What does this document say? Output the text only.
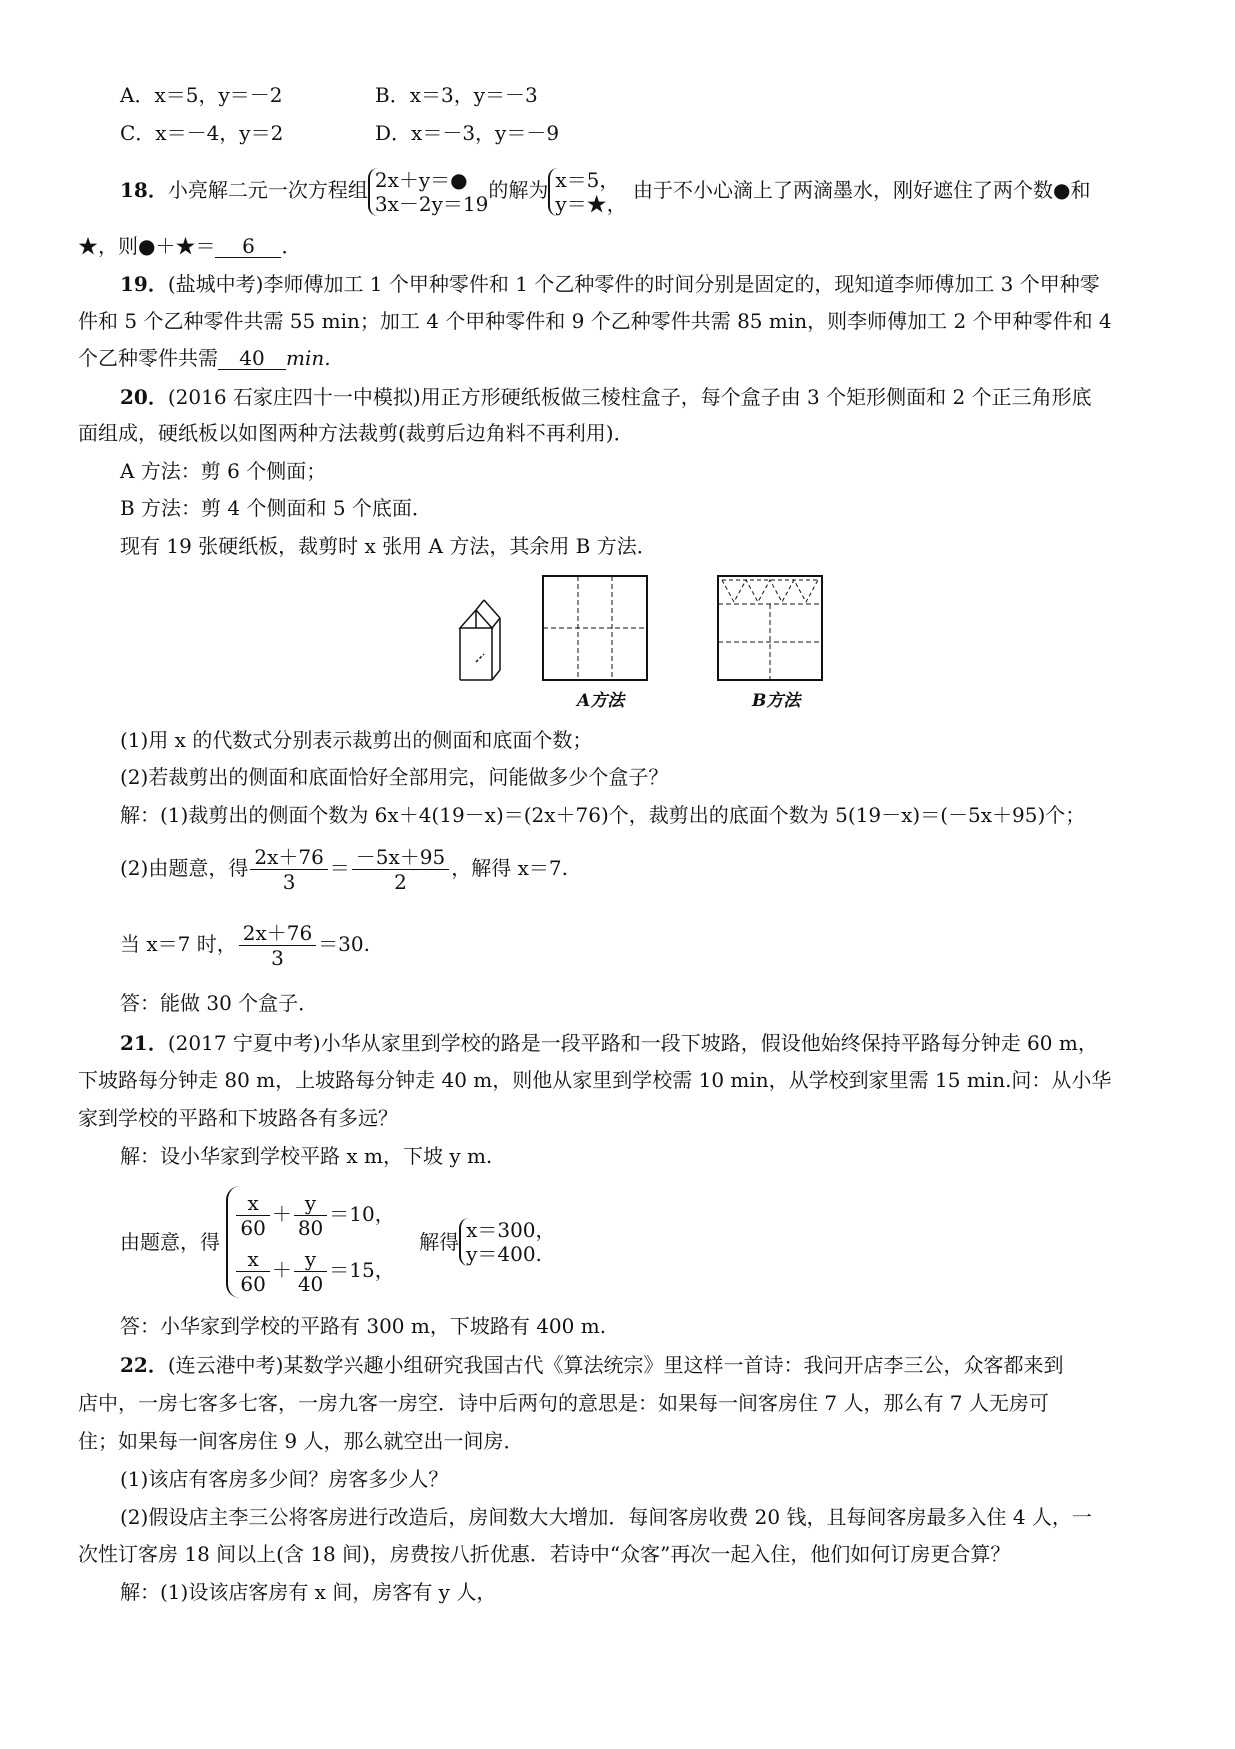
A．x＝5，y＝－2	B．x＝3，y＝－3
C．x＝－4，y＝2	D．x＝－3，y＝－9
18．小亮解二元一次方程组 2x＋y＝●
3x－2y＝19
的解为 x＝5，
y＝★，
由于不小心滴上了两滴墨水，刚好遮住了两个数●和
★，则●＋★＝ 6 ．
19．(盐城中考)李师傅加工 1 个甲种零件和 1 个乙种零件的时间分别是固定的，现知道李师傅加工 3 个甲种零
件和 5 个乙种零件共需 55 min；加工 4 个甲种零件和 9 个乙种零件共需 85 min，则李师傅加工 2 个甲种零件和 4
个乙种零件共需 40 min.
20．(2016 石家庄四十一中模拟)用正方形硬纸板做三棱柱盒子，每个盒子由 3 个矩形侧面和 2 个正三角形底
面组成，硬纸板以如图两种方法裁剪(裁剪后边角料不再利用)．
A 方法：剪 6 个侧面；
B 方法：剪 4 个侧面和 5 个底面．
现有 19 张硬纸板，裁剪时 x 张用 A 方法，其余用 B 方法．
A方法	B方法
(1)用 x 的代数式分别表示裁剪出的侧面和底面个数；
(2)若裁剪出的侧面和底面恰好全部用完，问能做多少个盒子？
解：(1)裁剪出的侧面个数为 6x＋4(19－x)＝(2x＋76)个，裁剪出的底面个数为 5(19－x)＝(－5x＋95)个；
(2)由题意，得 $\frac{2x+76}{3} = \frac{-5x+95}{2}$ ，解得 x＝7.
当 x＝7 时， $\frac{2x+76}{3} =30$.
答：能做 30 个盒子．
21．(2017 宁夏中考)小华从家里到学校的路是一段平路和一段下坡路，假设他始终保持平路每分钟走 60 m，
下坡路每分钟走 80 m，上坡路每分钟走 40 m，则他从家里到学校需 10 min，从学校到家里需 15 min.问：从小华
家到学校的平路和下坡路各有多远？
解：设小华家到学校平路 x m，下坡 y m.
由题意，得
$\frac{x}{60} + \frac{y}{80} =10$，
$\frac{x}{60} + \frac{y}{40} =15$，
解得 x＝300，
y＝400.
答：小华家到学校的平路有 300 m，下坡路有 400 m.
22．(连云港中考)某数学兴趣小组研究我国古代《算法统宗》里这样一首诗：我问开店李三公，众客都来到
店中，一房七客多七客，一房九客一房空．诗中后两句的意思是：如果每一间客房住 7 人，那么有 7 人无房可
住；如果每一间客房住 9 人，那么就空出一间房．
(1)该店有客房多少间？房客多少人？
(2)假设店主李三公将客房进行改造后，房间数大大增加．每间客房收费 20 钱，且每间客房最多入住 4 人，一
次性订客房 18 间以上(含 18 间)，房费按八折优惠．若诗中“众客”再次一起入住，他们如何订房更合算？
解：(1)设该店客房有 x 间，房客有 y 人，
